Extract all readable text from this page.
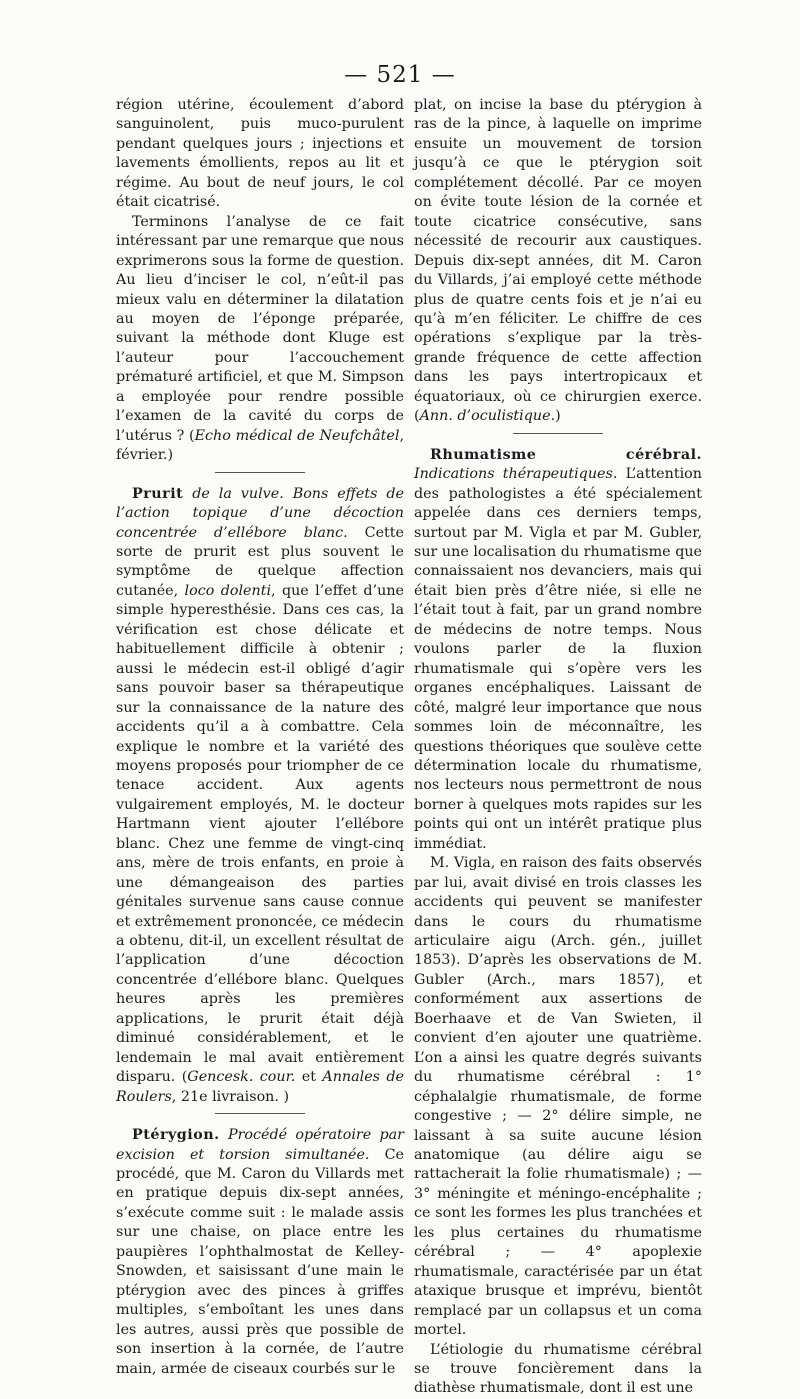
— 521 —

région utérine, écoulement d’abord sanguinolent, puis muco-purulent pendant quelques jours ; injections et lavements émollients, repos au lit et régime. Au bout de neuf jours, le col était cicatrisé.

Terminons l’analyse de ce fait intéressant par une remarque que nous exprimerons sous la forme de question. Au lieu d’inciser le col, n’eût-il pas mieux valu en déterminer la dilatation au moyen de l’éponge préparée, suivant la méthode dont Kluge est l’auteur pour l’accouchement prématuré artificiel, et que M. Simpson a employée pour rendre possible l’examen de la cavité du corps de l’utérus ? (Echo médical de Neufchâtel, février.)

Prurit de la vulve. Bons effets de l’action topique d’une décoction concentrée d’ellébore blanc. Cette sorte de prurit est plus souvent le symptôme de quelque affection cutanée, loco dolenti, que l’effet d’une simple hyperesthésie. Dans ces cas, la vérification est chose délicate et habituellement difficile à obtenir ; aussi le médecin est-il obligé d’agir sans pouvoir baser sa thérapeutique sur la connaissance de la nature des accidents qu’il a à combattre. Cela explique le nombre et la variété des moyens proposés pour triompher de ce tenace accident. Aux agents vulgairement employés, M. le docteur Hartmann vient ajouter l’ellébore blanc. Chez une femme de vingt-cinq ans, mère de trois enfants, en proie à une démangeaison des parties génitales survenue sans cause connue et extrêmement prononcée, ce médecin a obtenu, dit-il, un excellent résultat de l’application d’une décoction concentrée d’ellébore blanc. Quelques heures après les premières applications, le prurit était déjà diminué considérablement, et le lendemain le mal avait entièrement disparu. (Gencesk. cour. et Annales de Roulers, 21e livraison. )

Ptérygion. Procédé opératoire par excision et torsion simultanée. Ce procédé, que M. Caron du Villards met en pratique depuis dix-sept années, s’exécute comme suit : le malade assis sur une chaise, on place entre les paupières l’ophthalmostat de Kelley-Snowden, et saisissant d’une main le ptérygion avec des pinces à griffes multiples, s’emboîtant les unes dans les autres, aussi près que possible de son insertion à la cornée, de l’autre main, armée de ciseaux courbés sur le

plat, on incise la base du ptérygion à ras de la pince, à laquelle on imprime ensuite un mouvement de torsion jusqu’à ce que le ptérygion soit complétement décollé. Par ce moyen on évite toute lésion de la cornée et toute cicatrice consécutive, sans nécessité de recourir aux caustiques. Depuis dix-sept années, dit M. Caron du Villards, j’ai employé cette méthode plus de quatre cents fois et je n’ai eu qu’à m’en féliciter. Le chiffre de ces opérations s’explique par la très-grande fréquence de cette affection dans les pays intertropicaux et équatoriaux, où ce chirurgien exerce. (Ann. d’oculistique.)

Rhumatisme cérébral. Indications thérapeutiques. L’attention des pathologistes a été spécialement appelée dans ces derniers temps, surtout par M. Vigla et par M. Gubler, sur une localisation du rhumatisme que connaissaient nos devanciers, mais qui était bien près d’être niée, si elle ne l’était tout à fait, par un grand nombre de médecins de notre temps. Nous voulons parler de la fluxion rhumatismale qui s’opère vers les organes encéphaliques. Laissant de côté, malgré leur importance que nous sommes loin de méconnaître, les questions théoriques que soulève cette détermination locale du rhumatisme, nos lecteurs nous permettront de nous borner à quelques mots rapides sur les points qui ont un intérêt pratique plus immédiat.

M. Vigla, en raison des faits observés par lui, avait divisé en trois classes les accidents qui peuvent se manifester dans le cours du rhumatisme articulaire aigu (Arch. gén., juillet 1853). D’après les observations de M. Gubler (Arch., mars 1857), et conformément aux assertions de Boerhaave et de Van Swieten, il convient d’en ajouter une quatrième. L’on a ainsi les quatre degrés suivants du rhumatisme cérébral : 1° céphalalgie rhumatismale, de forme congestive ; — 2° délire simple, ne laissant à sa suite aucune lésion anatomique (au délire aigu se rattacherait la folie rhumatismale) ; — 3° méningite et méningo-encéphalite ; ce sont les formes les plus tranchées et les plus certaines du rhumatisme cérébral ; — 4° apoplexie rhumatismale, caractérisée par un état ataxique brusque et imprévu, bientôt remplacé par un collapsus et un coma mortel.

L’étiologie du rhumatisme cérébral se trouve foncièrement dans la diathèse rhumatismale, dont il est une
